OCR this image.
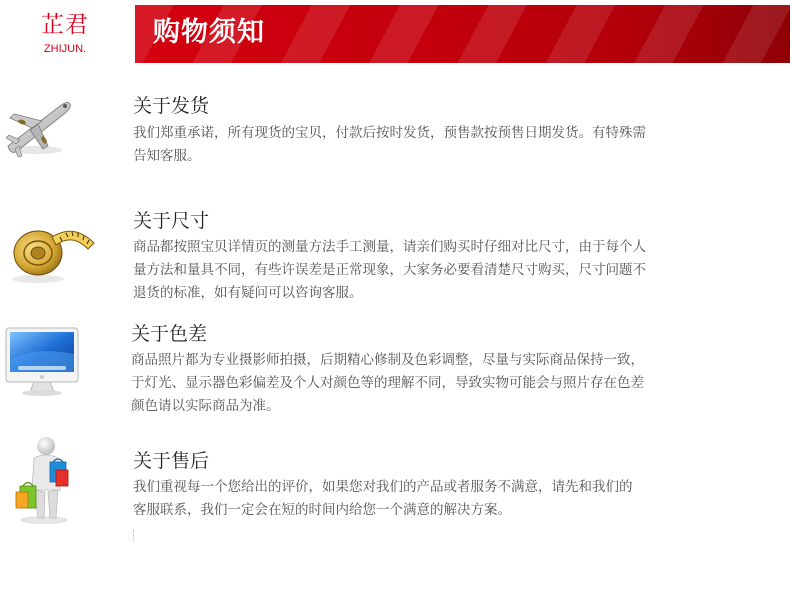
芷君
ZHIJUN.
购物须知
关于发货
我们郑重承诺，所有现货的宝贝，付款后按时发货，预售款按预售日期发货。有特殊需
告知客服。
关于尺寸
商品都按照宝贝详情页的测量方法手工测量，请亲们购买时仔细对比尺寸，由于每个人
量方法和量具不同，有些许误差是正常现象，大家务必要看清楚尺寸购买，尺寸问题不
退货的标准，如有疑问可以咨询客服。
关于色差
商品照片都为专业摄影师拍摄，后期精心修制及色彩调整，尽量与实际商品保持一致，
于灯光、显示器色彩偏差及个人对颜色等的理解不同，导致实物可能会与照片存在色差
颜色请以实际商品为准。
关于售后
我们重视每一个您给出的评价，如果您对我们的产品或者服务不满意，请先和我们的
客服联系，我们一定会在短的时间内给您一个满意的解决方案。
